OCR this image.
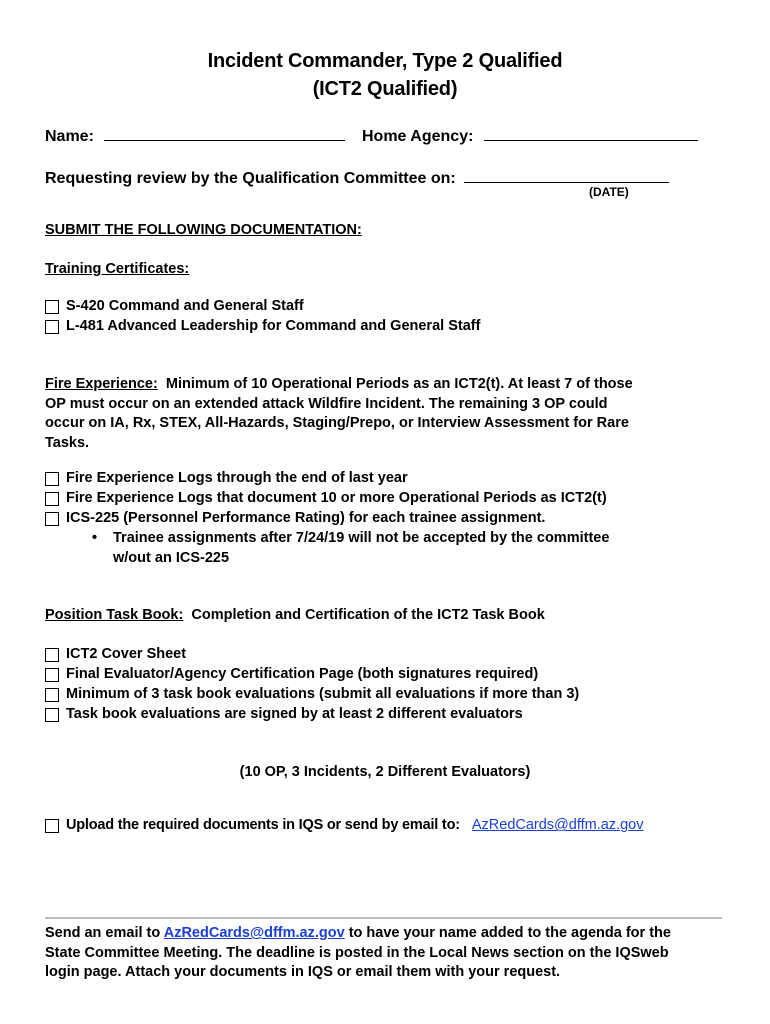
Incident Commander, Type 2 Qualified
(ICT2 Qualified)
Name:	Home Agency:
Requesting review by the Qualification Committee on:
(DATE)
SUBMIT THE FOLLOWING DOCUMENTATION:
Training Certificates:
S-420 Command and General Staff
L-481 Advanced Leadership for Command and General Staff
Fire Experience: Minimum of 10 Operational Periods as an ICT2(t). At least 7 of those
OP must occur on an extended attack Wildfire Incident. The remaining 3 OP could
occur on IA, Rx, STEX, All-Hazards, Staging/Prepo, or Interview Assessment for Rare
Tasks.
Fire Experience Logs through the end of last year
Fire Experience Logs that document 10 or more Operational Periods as ICT2(t)
ICS-225 (Personnel Performance Rating) for each trainee assignment.
• Trainee assignments after 7/24/19 will not be accepted by the committee
w/out an ICS-225
Position Task Book: Completion and Certification of the ICT2 Task Book
ICT2 Cover Sheet
Final Evaluator/Agency Certification Page (both signatures required)
Minimum of 3 task book evaluations (submit all evaluations if more than 3)
Task book evaluations are signed by at least 2 different evaluators
(10 OP, 3 Incidents, 2 Different Evaluators)
Upload the required documents in IQS or send by email to: AzRedCards@dffm.az.gov
Send an email to AzRedCards@dffm.az.gov to have your name added to the agenda for the
State Committee Meeting. The deadline is posted in the Local News section on the IQSweb
login page. Attach your documents in IQS or email them with your request.
